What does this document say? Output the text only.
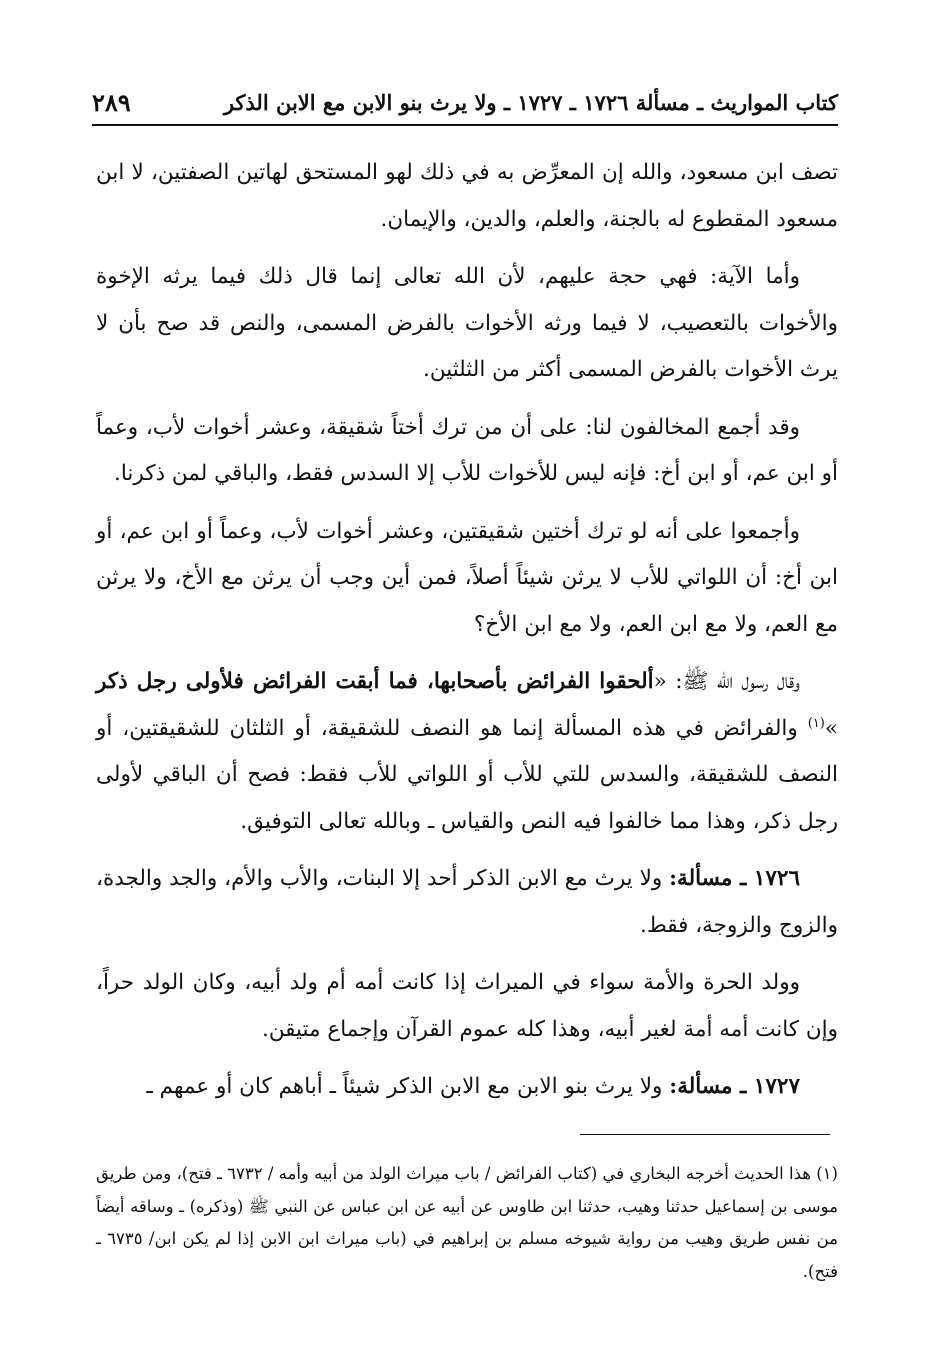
كتاب المواريث ـ مسألة ١٧٢٦ ـ ١٧٢٧ ـ ولا يرث بنو الابن مع الابن الذكر
٢٨٩

تصف ابن مسعود، والله إن المعرِّض به في ذلك لهو المستحق لهاتين الصفتين، لا ابن مسعود المقطوع له بالجنة، والعلم، والدين، والإيمان.

وأما الآية: فهي حجة عليهم، لأن الله تعالى إنما قال ذلك فيما يرثه الإخوة والأخوات بالتعصيب، لا فيما ورثه الأخوات بالفرض المسمى، والنص قد صح بأن لا يرث الأخوات بالفرض المسمى أكثر من الثلثين.

وقد أجمع المخالفون لنا: على أن من ترك أختاً شقيقة، وعشر أخوات لأب، وعماً أو ابن عم، أو ابن أخ: فإنه ليس للأخوات للأب إلا السدس فقط، والباقي لمن ذكرنا.

وأجمعوا على أنه لو ترك أختين شقيقتين، وعشر أخوات لأب، وعماً أو ابن عم، أو ابن أخ: أن اللواتي للأب لا يرثن شيئاً أصلاً، فمن أين وجب أن يرثن مع الأخ، ولا يرثن مع العم، ولا مع ابن العم، ولا مع ابن الأخ؟

وقال رسول الله ﷺ: «ألحقوا الفرائض بأصحابها، فما أبقت الفرائض فلأولى رجل ذكر »$^{(١)}$ والفرائض في هذه المسألة إنما هو النصف للشقيقة، أو الثلثان للشقيقتين، أو النصف للشقيقة، والسدس للتي للأب أو اللواتي للأب فقط: فصح أن الباقي لأولى رجل ذكر، وهذا مما خالفوا فيه النص والقياس ـ وبالله تعالى التوفيق.

١٧٢٦ ـ مسألة: ولا يرث مع الابن الذكر أحد إلا البنات، والأب والأم، والجد والجدة، والزوج والزوجة، فقط.

وولد الحرة والأمة سواء في الميراث إذا كانت أمه أم ولد أبيه، وكان الولد حراً، وإن كانت أمه أمة لغير أبيه، وهذا كله عموم القرآن وإجماع متيقن.

١٧٢٧ ـ مسألة: ولا يرث بنو الابن مع الابن الذكر شيئاً ـ أباهم كان أو عمهم ـ

(١) هذا الحديث أخرجه البخاري في (كتاب الفرائض / باب ميراث الولد من أبيه وأمه / ٦٧٣٢ ـ فتح)، ومن طريق موسى بن إسماعيل حدثنا وهيب، حدثنا ابن طاوس عن أبيه عن ابن عباس عن النبي ﷺ (وذكره) ـ وساقه أيضاً من نفس طريق وهيب من رواية شيوخه مسلم بن إبراهيم في (باب ميراث ابن الابن إذا لم يكن ابن/ ٦٧٣٥ ـ فتح).
